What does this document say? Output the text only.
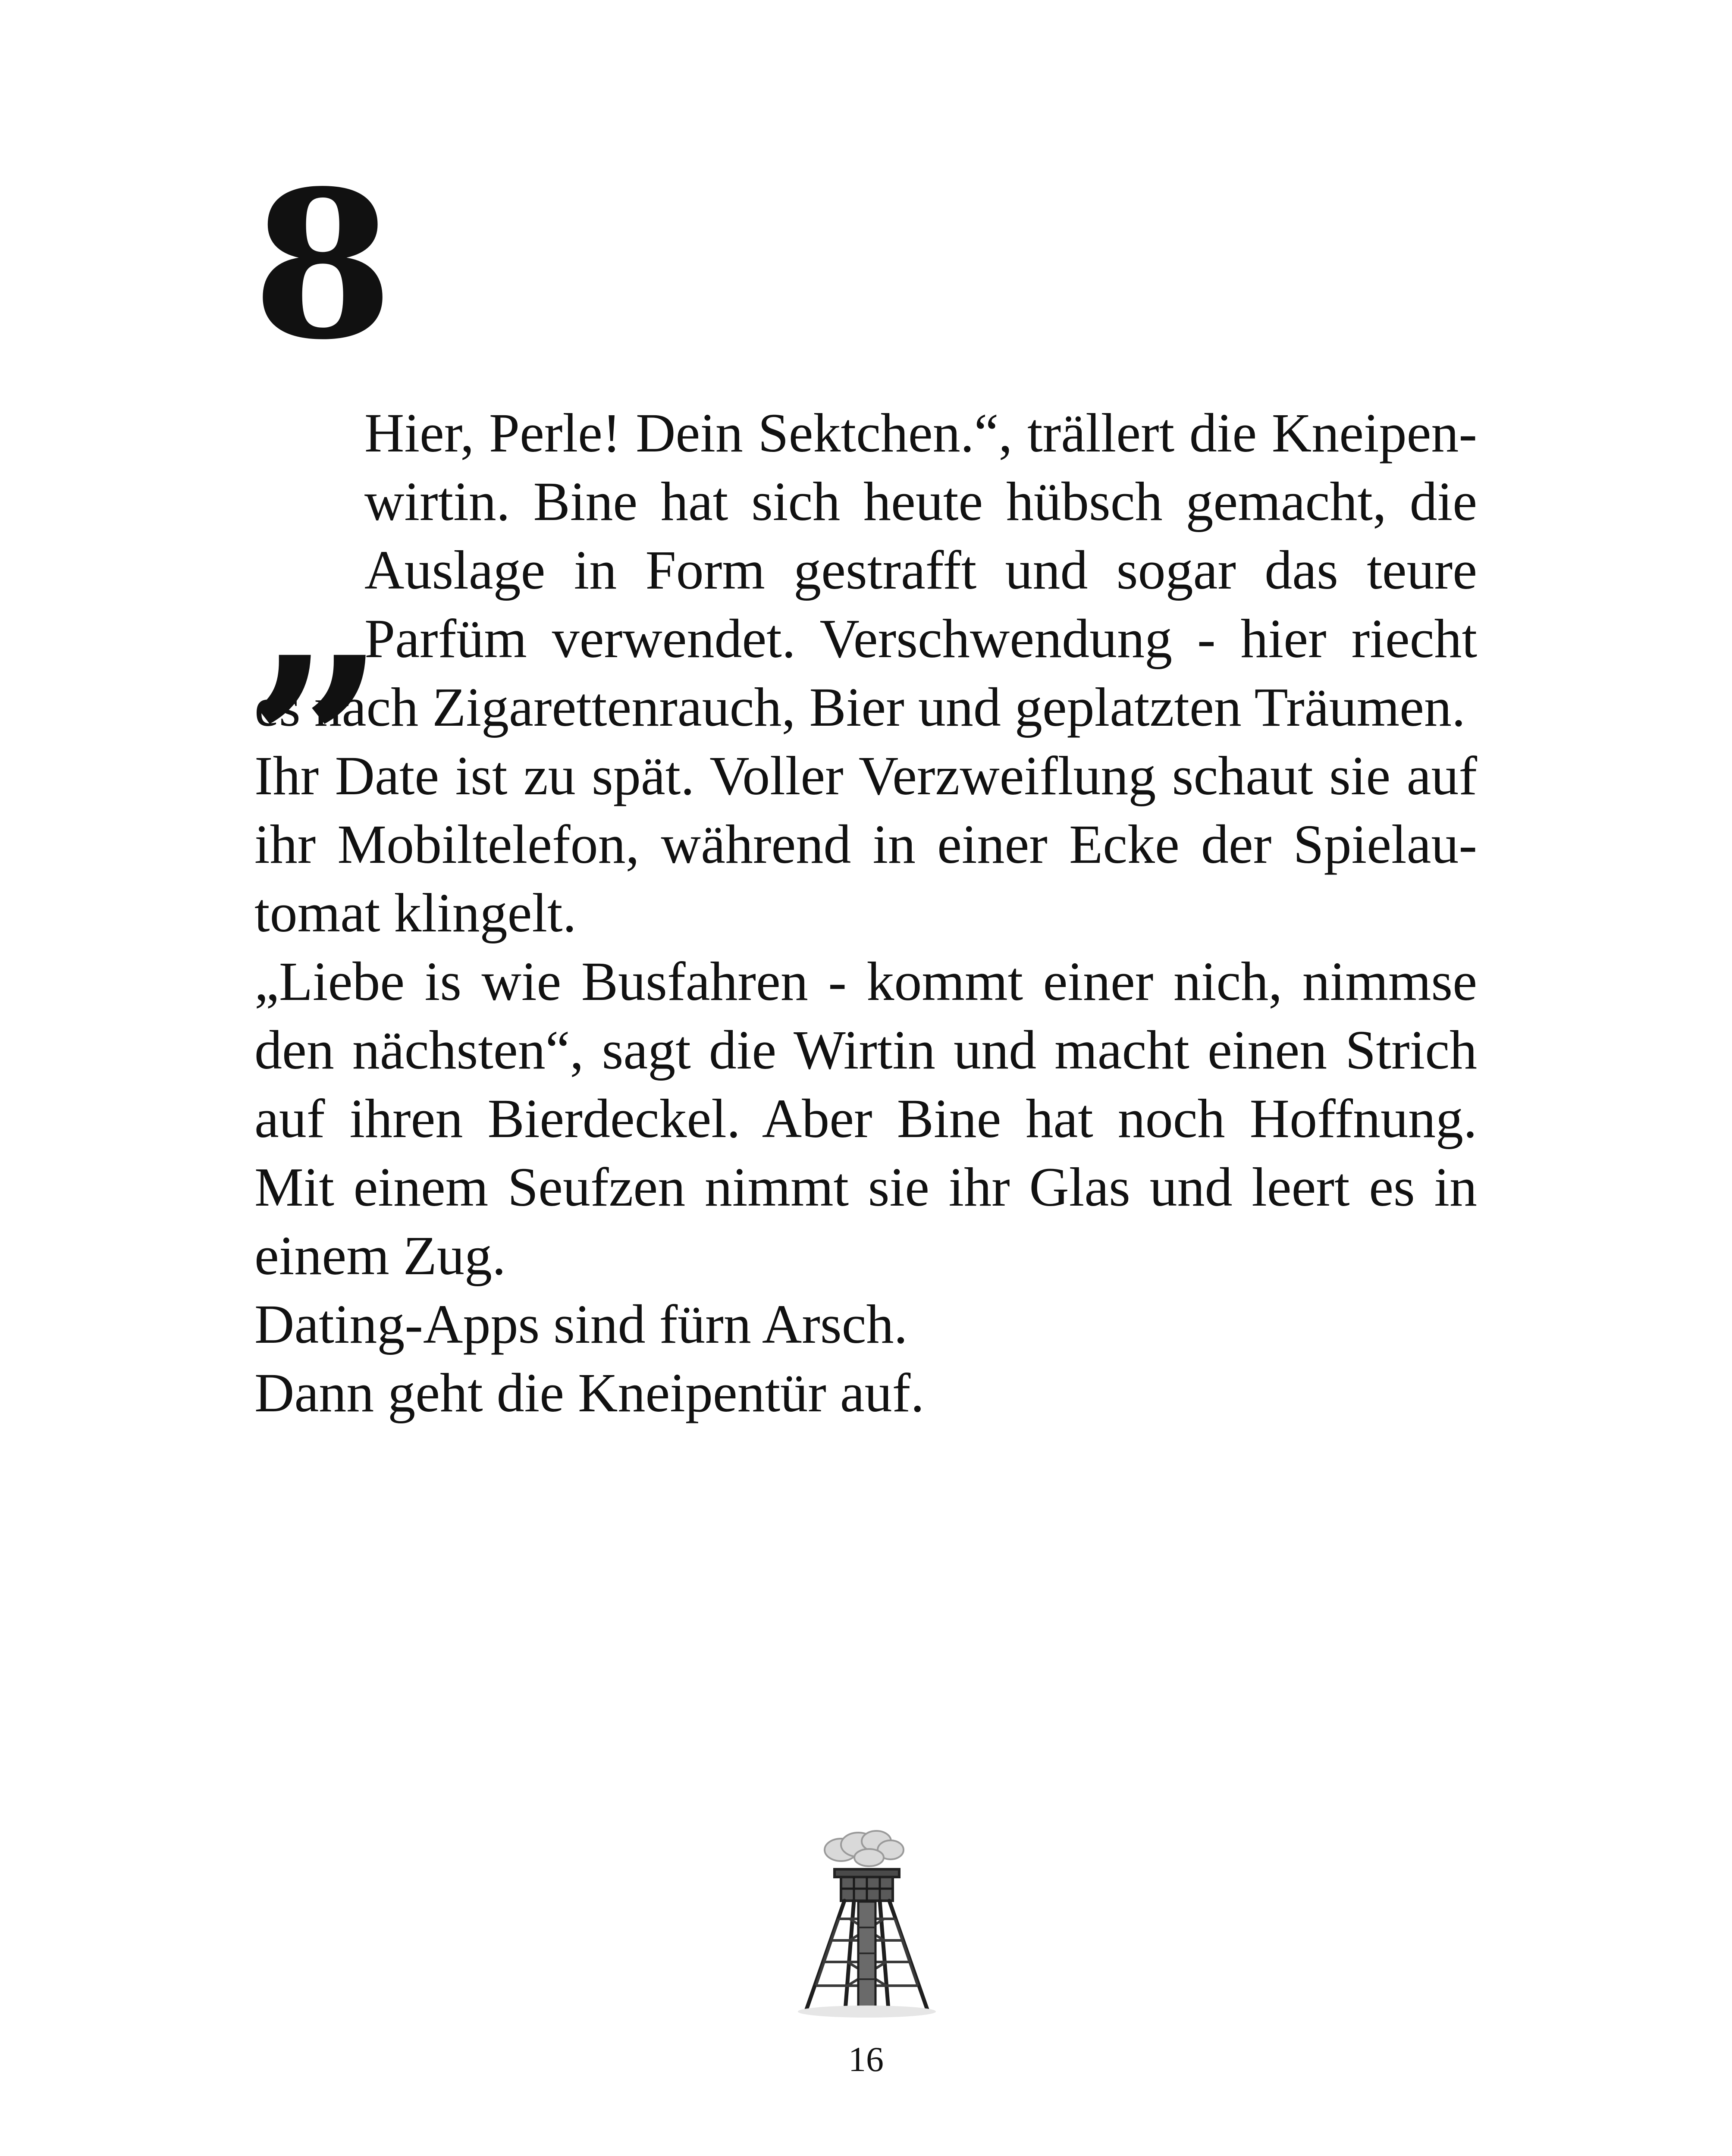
8

„
Hier, Perle! Dein Sektchen.“, trällert die Kneipenwirtin. Bine hat sich heute hübsch gemacht, die Auslage in Form gestrafft und sogar das teure Parfüm verwendet. Verschwendung - hier riecht es nach Zigarettenrauch, Bier und geplatzten Träumen.

Ihr Date ist zu spät. Voller Verzweiflung schaut sie auf ihr Mobiltelefon, während in einer Ecke der Spielautomat klingelt.

„Liebe is wie Busfahren - kommt einer nich, nimmse den nächsten“, sagt die Wirtin und macht einen Strich auf ihren Bierdeckel. Aber Bine hat noch Hoffnung. Mit einem Seufzen nimmt sie ihr Glas und leert es in einem Zug.

Dating-Apps sind fürn Arsch.

Dann geht die Kneipentür auf.

16
